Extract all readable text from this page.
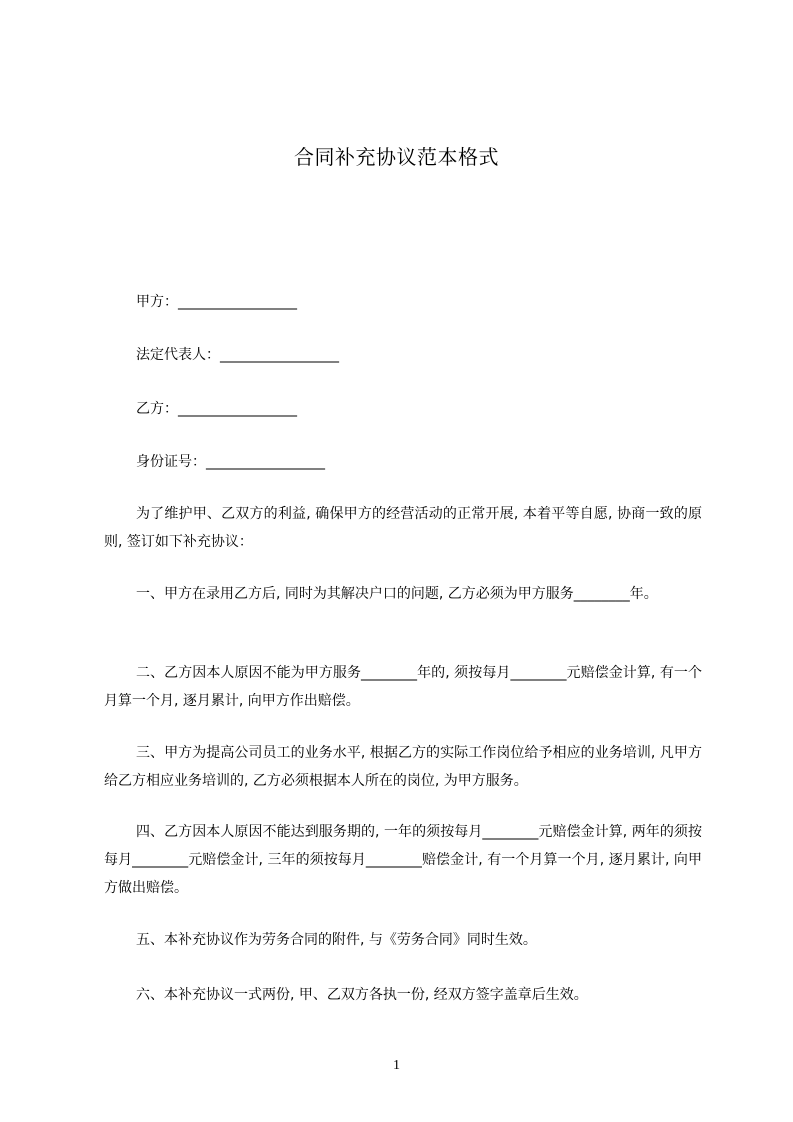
合同补充协议范本格式
甲方：_________________
法定代表人：_________________
乙方：_________________
身份证号：_________________
为了维护甲、乙双方的利益, 确保甲方的经营活动的正常开展, 本着平等自愿, 协商一致的原则, 签订如下补充协议：
一、甲方在录用乙方后, 同时为其解决户口的问题, 乙方必须为甲方服务________年。
二、乙方因本人原因不能为甲方服务________年的, 须按每月________元赔偿金计算, 有一个月算一个月, 逐月累计, 向甲方作出赔偿。
三、甲方为提高公司员工的业务水平, 根据乙方的实际工作岗位给予相应的业务培训, 凡甲方给乙方相应业务培训的, 乙方必须根据本人所在的岗位, 为甲方服务。
四、乙方因本人原因不能达到服务期的, 一年的须按每月________元赔偿金计算, 两年的须按每月________元赔偿金计, 三年的须按每月________赔偿金计, 有一个月算一个月, 逐月累计, 向甲方做出赔偿。
五、本补充协议作为劳务合同的附件, 与《劳务合同》同时生效。
六、本补充协议一式两份, 甲、乙双方各执一份, 经双方签字盖章后生效。
1
